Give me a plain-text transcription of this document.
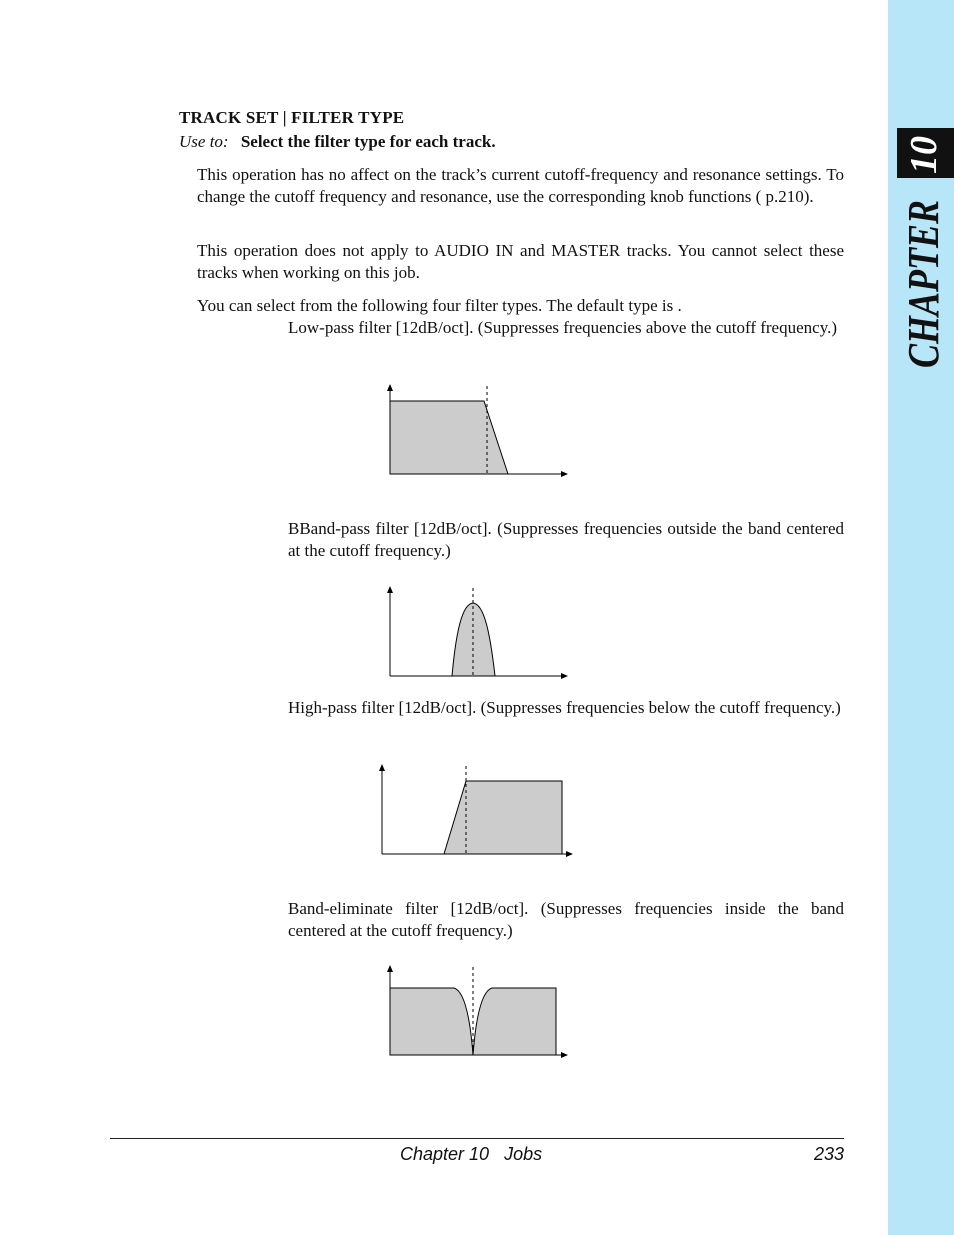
10
CHAPTER
TRACK SET | FILTER TYPE
Use to: Select the filter type for each track.

This operation has no affect on the track’s current cutoff-frequency and resonance settings. To change the cutoff frequency and resonance, use the corresponding knob functions ( p.210).

This operation does not apply to AUDIO IN and MASTER tracks. You cannot select these tracks when working on this job.

You can select from the following four filter types. The default type is .

Low-pass filter [12dB/oct]. (Suppresses frequencies above the cutoff frequency.)

BBand-pass filter [12dB/oct]. (Suppresses frequencies outside the band centered at the cutoff frequency.)

High-pass filter [12dB/oct]. (Suppresses frequencies below the cutoff frequency.)

Band-eliminate filter [12dB/oct]. (Suppresses frequencies inside the band centered at the cutoff frequency.)

Chapter 10   Jobs	233
